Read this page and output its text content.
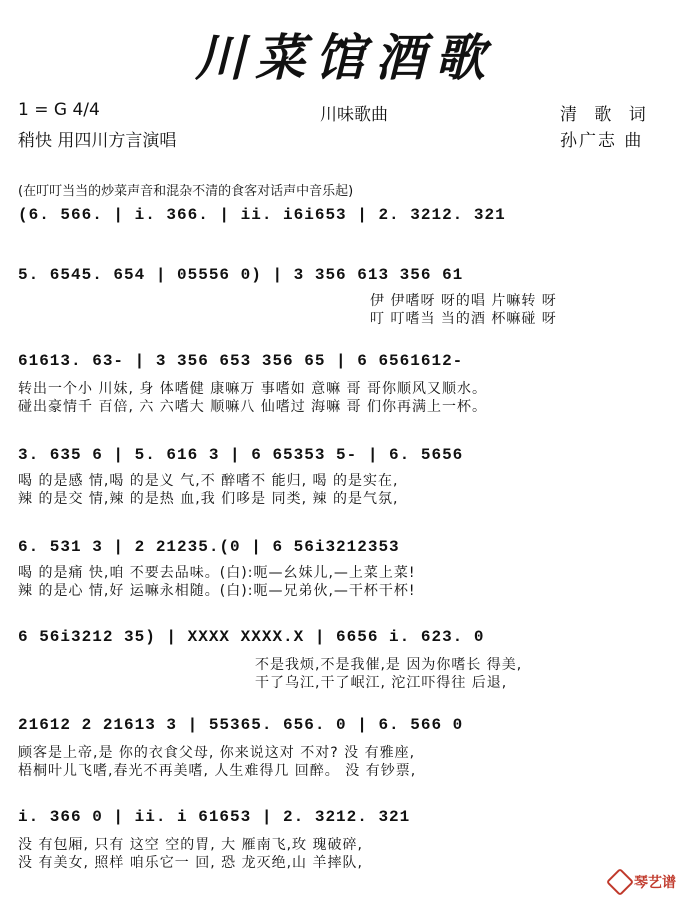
川菜馆酒歌
1 = G 4/4	川味歌曲	清 歌 词
稍快 用四川方言演唱	孙广志 曲
(在叮叮当当的炒菜声音和混杂不清的食客对话声中音乐起)
(6. 566. | i. 366. | ii. i6i653 | 2. 3212. 321
5. 6545. 654 | 05556 0) | 3 356 613 356 61
伊 伊嗜呀 呀的唱 片嘛转 呀
叮 叮嗜当 当的酒 杯嘛碰 呀
61613. 63- | 3 356 653 356 65 | 6 6561612-
转出一个小 川妹, 身 体嗜健 康嘛万 事嗜如 意嘛 哥 哥你顺风又顺水。
碰出豪情千 百倍, 六 六嗜大 顺嘛八 仙嗜过 海嘛 哥 们你再满上一杯。
3. 635 6 | 5. 616 3 | 6 65353 5- | 6. 5656
喝 的是感 情,喝 的是义 气,不 醉嗜不 能归, 喝 的是实在,
辣 的是交 情,辣 的是热 血,我 们哆是 同类, 辣 的是气氛,
6. 531 3 | 2 21235.(0 | 6 56i3212353
喝 的是痛 快,咱 不要去品味。(白):呃—幺妹儿,—上菜上菜!
辣 的是心 情,好 运嘛永相随。(白):呃—兄弟伙,—干杯干杯!
6 56i3212 35) | XXXX XXXX.X | 6656 i. 623. 0
不是我烦,不是我催,是 因为你嗜长 得美,
干了乌江,干了岷江, 沱江吓得往 后退,
21612 2 21613 3 | 55365. 656. 0 | 6. 566 0
顾客是上帝,是 你的衣食父母, 你来说这对 不对? 没 有雅座,
梧桐叶儿飞嗜,春光不再美嗜, 人生难得几 回醉。 没 有钞票,
i. 366 0 | ii. i 61653 | 2. 3212. 321
没 有包厢, 只有 这空 空的胃, 大 雁南飞,玫 瑰破碎,
没 有美女, 照样 咱乐它一 回, 恐 龙灭绝,山 羊摔队,
琴艺谱
